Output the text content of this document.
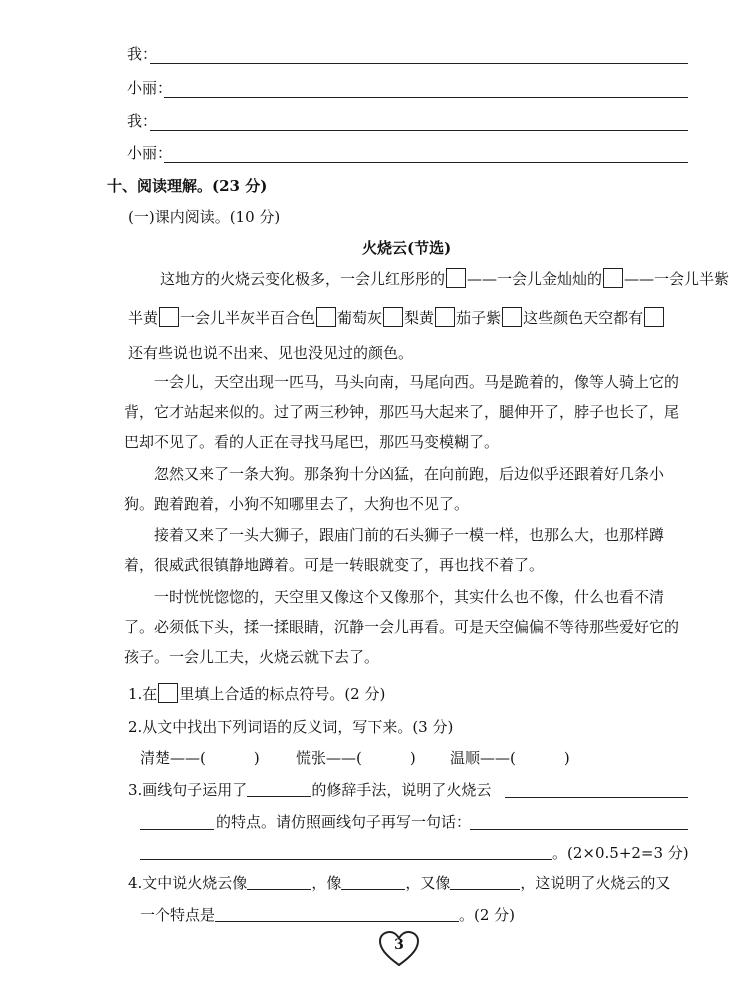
我：
小丽：
我：
小丽：
十、阅读理解。(23 分)
(一)课内阅读。(10 分)
火烧云(节选)
这地方的火烧云变化极多，一会儿红彤彤的 ——一会儿金灿灿的 ——一会儿半紫
半黄 一会儿半灰半百合色 葡萄灰 梨黄 茄子紫 这些颜色天空都有
还有些说也说不出来、见也没见过的颜色。
一会儿，天空出现一匹马，马头向南，马尾向西。马是跪着的，像等人骑上它的背，它才站起来似的。过了两三秒钟，那匹马大起来了，腿伸开了，脖子也长了，尾巴却不见了。看的人正在寻找马尾巴，那匹马变模糊了。
忽然又来了一条大狗。那条狗十分凶猛，在向前跑，后边似乎还跟着好几条小狗。跑着跑着，小狗不知哪里去了，大狗也不见了。
接着又来了一头大狮子，跟庙门前的石头狮子一模一样，也那么大，也那样蹲着，很威武很镇静地蹲着。可是一转眼就变了，再也找不着了。
一时恍恍惚惚的，天空里又像这个又像那个，其实什么也不像，什么也看不清了。必须低下头，揉一揉眼睛，沉静一会儿再看。可是天空偏偏不等待那些爱好它的孩子。一会儿工夫，火烧云就下去了。
1.在 里填上合适的标点符号。(2 分)
2.从文中找出下列词语的反义词，写下来。(3 分)
清楚——(	) 慌张——(	) 温顺——(	)
3.画线句子运用了	的修辞手法，说明了火烧云
的特点。请仿照画线句子再写一句话：
。(2×0.5+2=3 分)
4.文中说火烧云像	，像	，又像	，这说明了火烧云的又
一个特点是	。(2 分)
3
